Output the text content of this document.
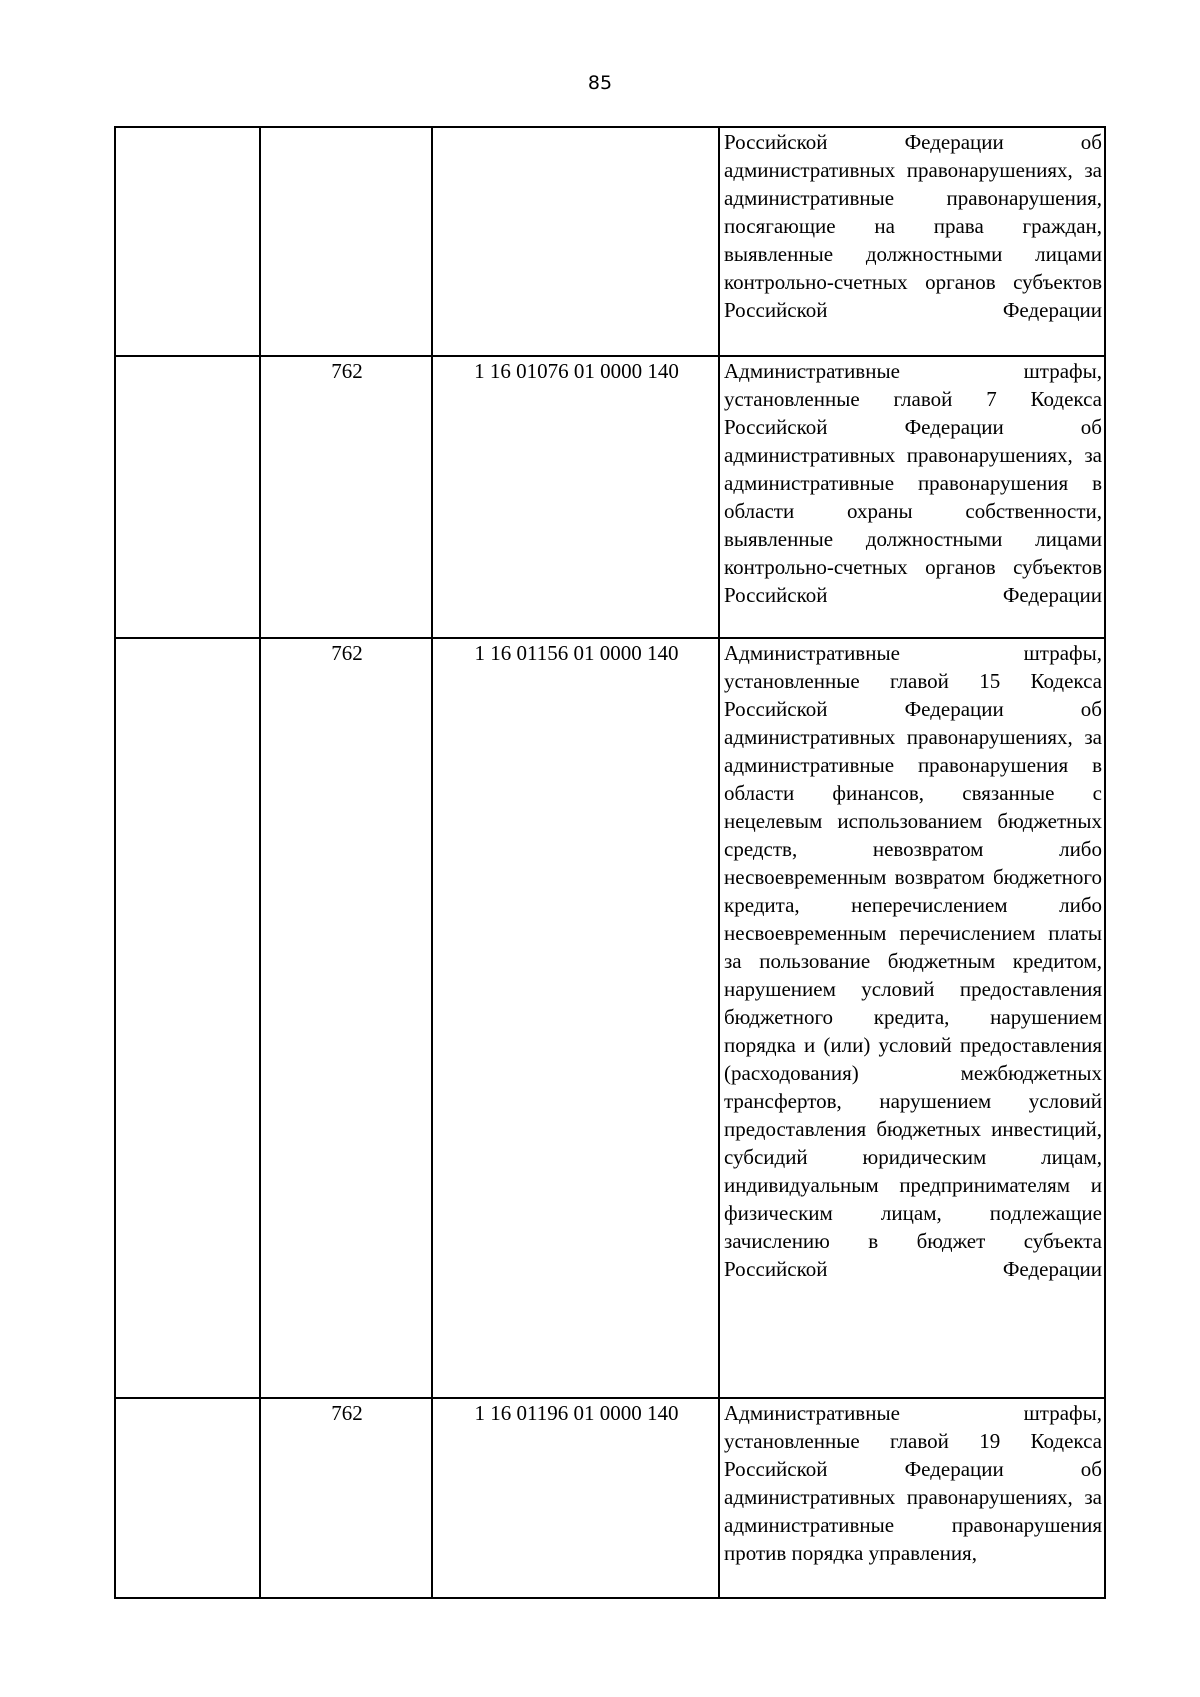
85
			Российской Федерации об административных правонарушениях, за административные правонарушения, посягающие на права граждан, выявленные должностными лицами контрольно-счетных органов субъектов Российской Федерации
	762	1 16 01076 01 0000 140	Административные штрафы, установленные главой 7 Кодекса Российской Федерации об административных правонарушениях, за административные правонарушения в области охраны собственности, выявленные должностными лицами контрольно-счетных органов субъектов Российской Федерации
	762	1 16 01156 01 0000 140	Административные штрафы, установленные главой 15 Кодекса Российской Федерации об административных правонарушениях, за административные правонарушения в области финансов, связанные с нецелевым использованием бюджетных средств, невозвратом либо несвоевременным возвратом бюджетного кредита, неперечислением либо несвоевременным перечислением платы за пользование бюджетным кредитом, нарушением условий предоставления бюджетного кредита, нарушением порядка и (или) условий предоставления (расходования) межбюджетных трансфертов, нарушением условий предоставления бюджетных инвестиций, субсидий юридическим лицам, индивидуальным предпринимателям и физическим лицам, подлежащие зачислению в бюджет субъекта Российской Федерации
	762	1 16 01196 01 0000 140	Административные штрафы, установленные главой 19 Кодекса Российской Федерации об административных правонарушениях, за административные правонарушения против порядка управления,
